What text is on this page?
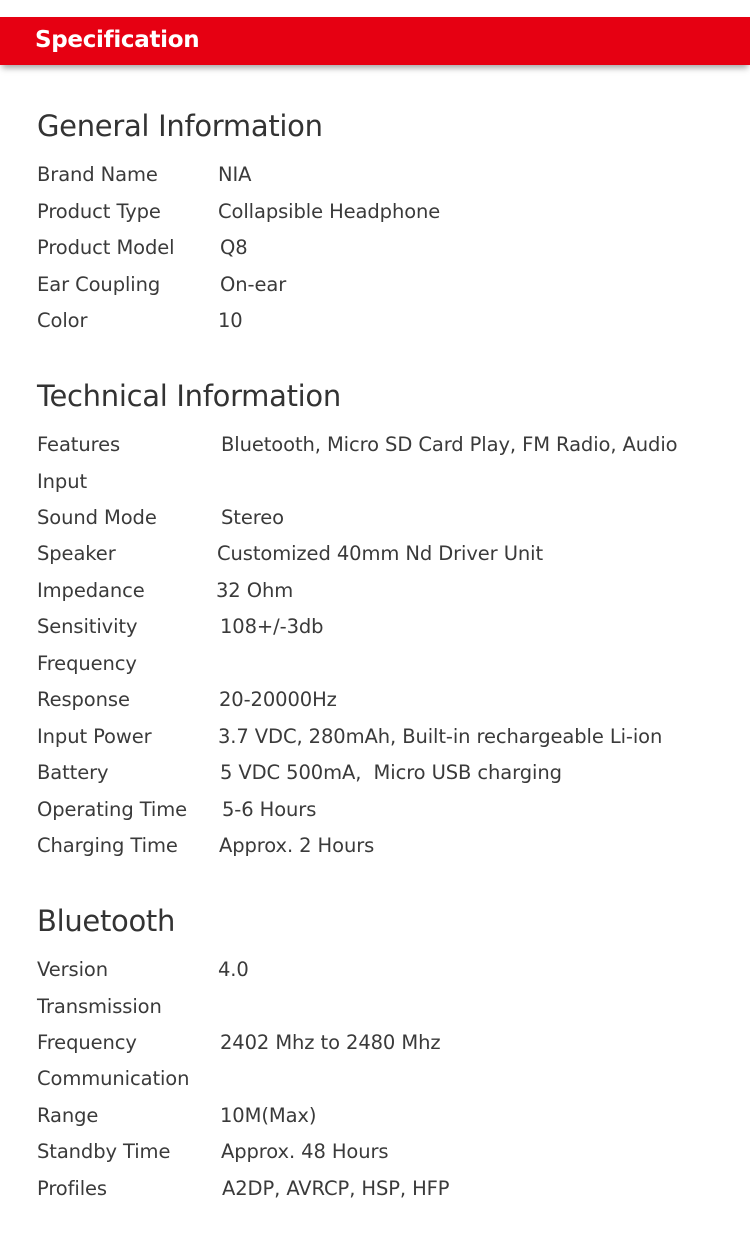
Specification
General Information
Brand Name	NIA
Product Type	Collapsible Headphone
Product Model Q8
Ear Coupling	On-ear
Color	10
Technical Information
Features	Bluetooth, Micro SD Card Play, FM Radio, Audio
Input
Sound Mode	Stereo
Speaker	Customized 40mm Nd Driver Unit
Impedance	32 Ohm
Sensitivity	108+/-3db
Frequency
Response	20-20000Hz
Input Power	3.7 VDC, 280mAh, Built-in rechargeable Li-ion
Battery	5 VDC 500mA,  Micro USB charging
Operating Time 5-6 Hours
Charging Time Approx. 2 Hours
Bluetooth
Version	4.0
Transmission
Frequency	2402 Mhz to 2480 Mhz
Communication
Range	10M(Max)
Standby Time	Approx. 48 Hours
Profiles	A2DP, AVRCP, HSP, HFP
